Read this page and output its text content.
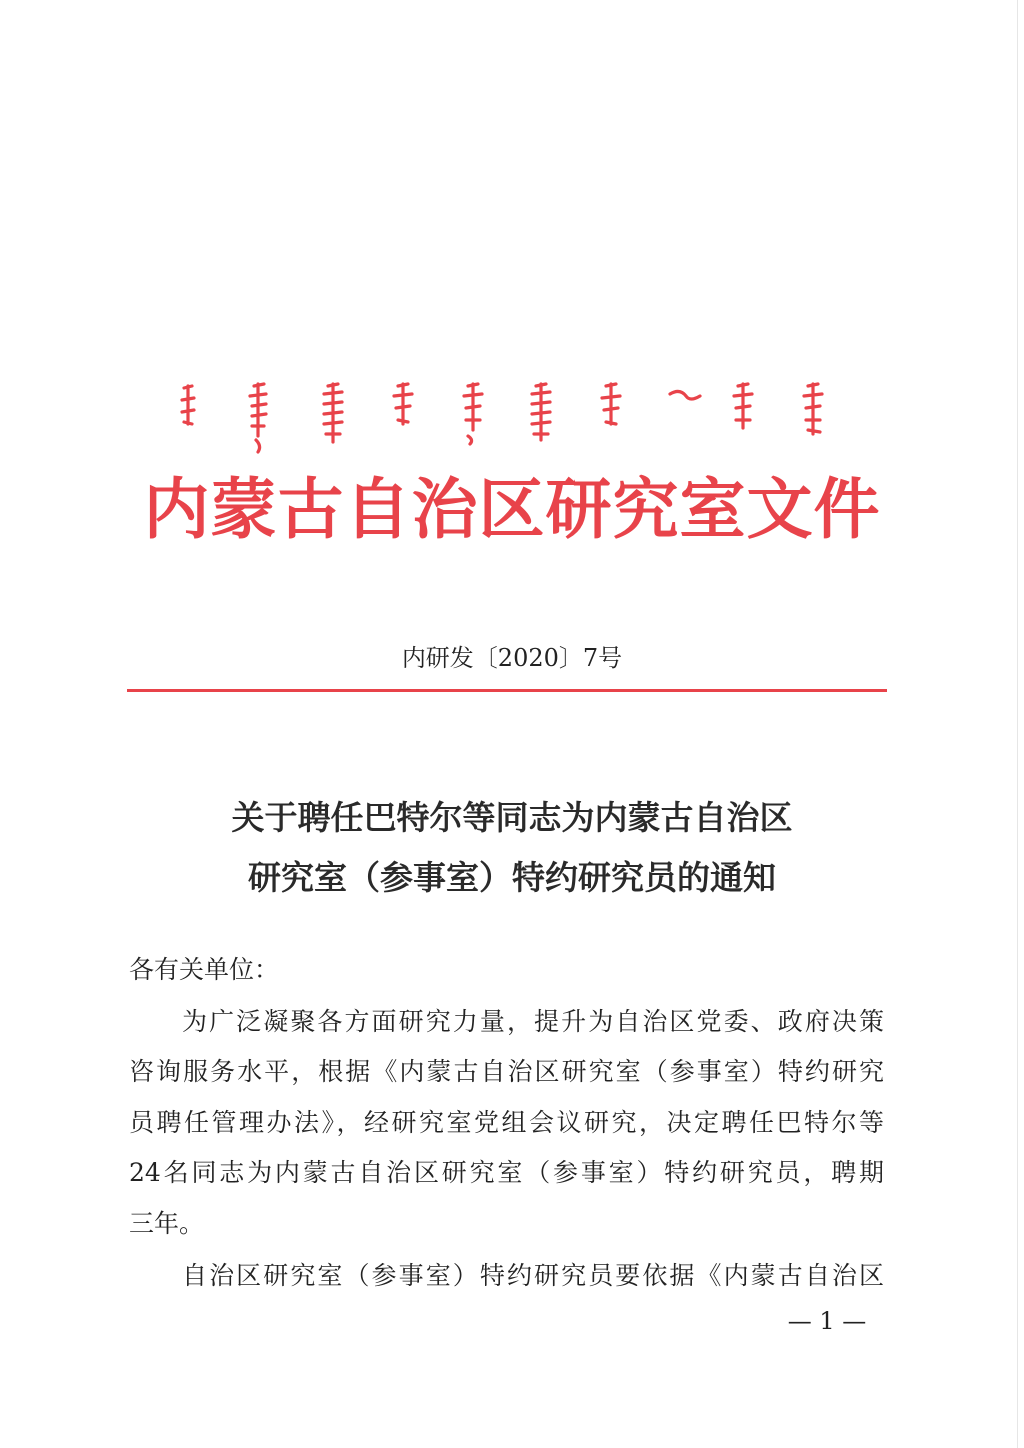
内蒙古自治区研究室文件
内研发〔2020〕7号
关于聘任巴特尔等同志为内蒙古自治区
研究室（参事室）特约研究员的通知
各有关单位：
为广泛凝聚各方面研究力量，提升为自治区党委、政府决策
咨询服务水平，根据《内蒙古自治区研究室（参事室）特约研究
员聘任管理办法》，经研究室党组会议研究，决定聘任巴特尔等
24名同志为内蒙古自治区研究室（参事室）特约研究员，聘期
三年。
自治区研究室（参事室）特约研究员要依据《内蒙古自治区
— 1 —
